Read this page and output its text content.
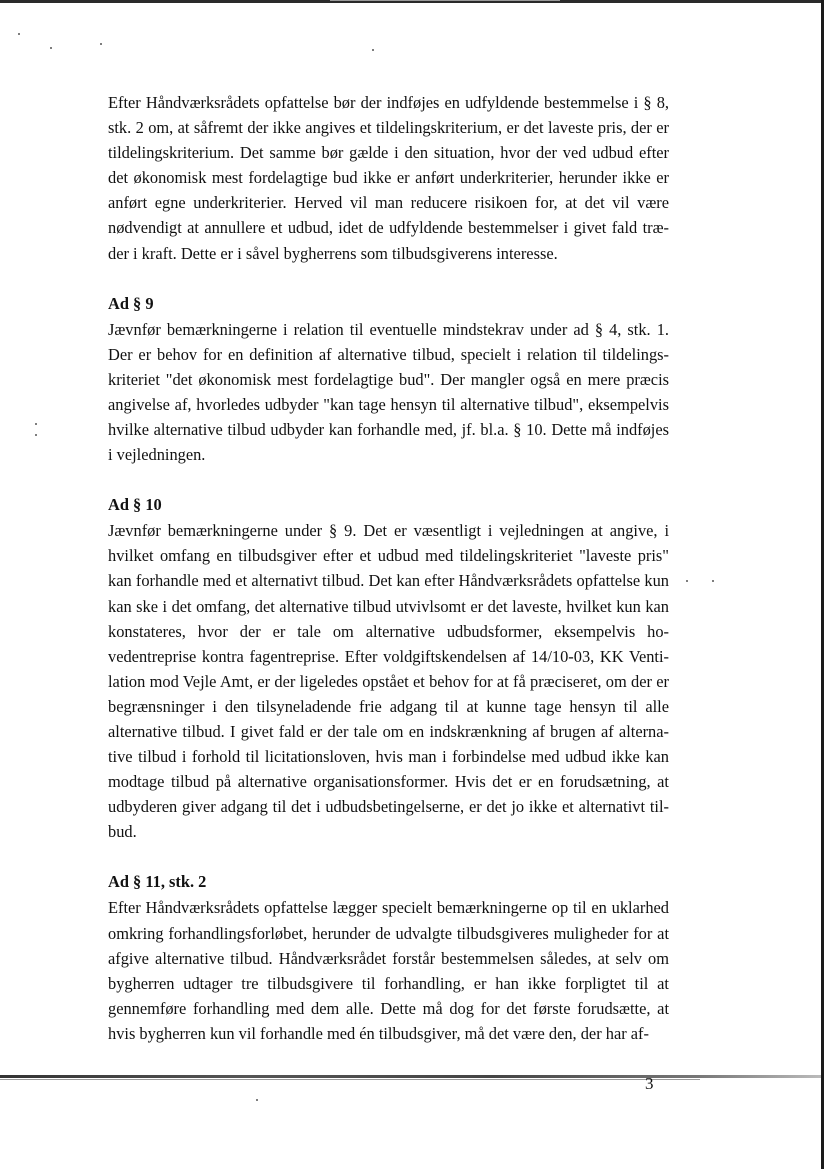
Efter Håndværksrådets opfattelse bør der indføjes en udfyldende bestemmelse i § 8, stk. 2 om, at såfremt der ikke angives et tildelingskriterium, er det laveste pris, der er tildelingskriterium. Det samme bør gælde i den situation, hvor der ved udbud efter det økonomisk mest fordelagtige bud ikke er anført underkriterier, herunder ikke er anført egne underkriterier. Herved vil man reducere risikoen for, at det vil være nødvendigt at annullere et udbud, idet de udfyldende bestemmelser i givet fald træder i kraft. Dette er i såvel bygherrens som tilbudsgiverens interesse.

Ad § 9

Jævnfør bemærkningerne i relation til eventuelle mindstekrav under ad § 4, stk. 1. Der er behov for en definition af alternative tilbud, specielt i relation til tildelingskriteriet "det økonomisk mest fordelagtige bud". Der mangler også en mere præcis angivelse af, hvorledes udbyder "kan tage hensyn til alternative tilbud", eksempelvis hvilke alternative tilbud udbyder kan forhandle med, jf. bl.a. § 10. Dette må indføjes i vejledningen.

Ad § 10

Jævnfør bemærkningerne under § 9. Det er væsentligt i vejledningen at angive, i hvilket omfang en tilbudsgiver efter et udbud med tildelingskriteriet "laveste pris" kan forhandle med et alternativt tilbud. Det kan efter Håndværksrådets opfattelse kun kan ske i det omfang, det alternative tilbud utvivlsomt er det laveste, hvilket kun kan konstateres, hvor der er tale om alternative udbudsformer, eksempelvis hovedentreprise kontra fagentreprise. Efter voldgiftskendelsen af 14/10-03, KK Ventilation mod Vejle Amt, er der ligeledes opstået et behov for at få præciseret, om der er begrænsninger i den tilsyneladende frie adgang til at kunne tage hensyn til alle alternative tilbud. I givet fald er der tale om en indskrænkning af brugen af alternative tilbud i forhold til licitationsloven, hvis man i forbindelse med udbud ikke kan modtage tilbud på alternative organisationsformer. Hvis det er en forudsætning, at udbyderen giver adgang til det i udbudsbetingelserne, er det jo ikke et alternativt tilbud.

Ad § 11, stk. 2

Efter Håndværksrådets opfattelse lægger specielt bemærkningerne op til en uklarhed omkring forhandlingsforløbet, herunder de udvalgte tilbudsgiveres muligheder for at afgive alternative tilbud. Håndværksrådet forstår bestemmelsen således, at selv om bygherren udtager tre tilbudsgivere til forhandling, er han ikke forpligtet til at gennemføre forhandling med dem alle. Dette må dog for det første forudsætte, at hvis bygherren kun vil forhandle med én tilbudsgiver, må det være den, der har af-

3
